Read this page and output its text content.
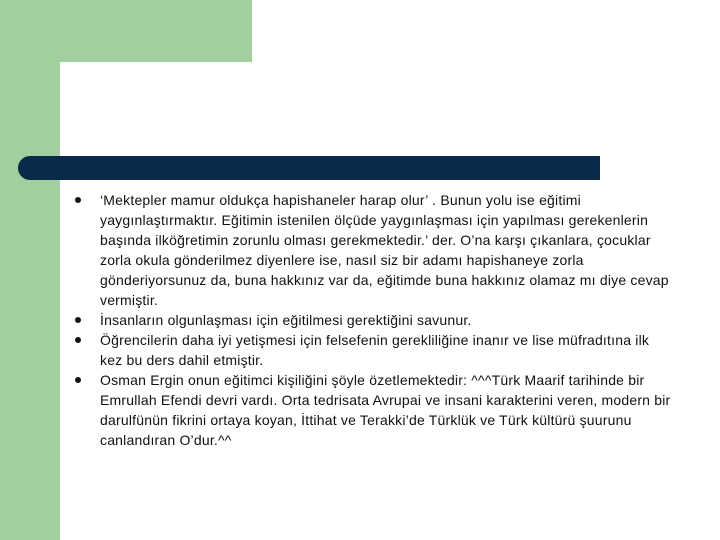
‘Mektepler mamur oldukça hapishaneler harap olur’ . Bunun yolu ise eğitimi yaygınlaştırmaktır. Eğitimin istenilen ölçüde yaygınlaşması için yapılması gerekenlerin başında ilköğretimin zorunlu olması gerekmektedir.’ der. O’na karşı çıkanlara, çocuklar zorla okula gönderilmez diyenlere ise, nasıl siz bir adamı hapishaneye zorla gönderiyorsunuz da, buna hakkınız var da, eğitimde buna hakkınız olamaz mı diye cevap vermiştir.
İnsanların olgunlaşması için eğitilmesi gerektiğini savunur.
Öğrencilerin daha iyi yetişmesi için felsefenin gerekliliğine inanır ve lise müfradıtına ilk kez bu ders dahil etmiştir.
Osman Ergin onun eğitimci kişiliğini şöyle özetlemektedir: ^^^Türk Maarif tarihinde bir Emrullah Efendi devri vardı. Orta tedrisata Avrupai ve insani karakterini veren, modern bir darulfünün fikrini ortaya koyan, İttihat ve Terakki’de Türklük ve Türk kültürü şuurunu canlandıran O’dur.^^
